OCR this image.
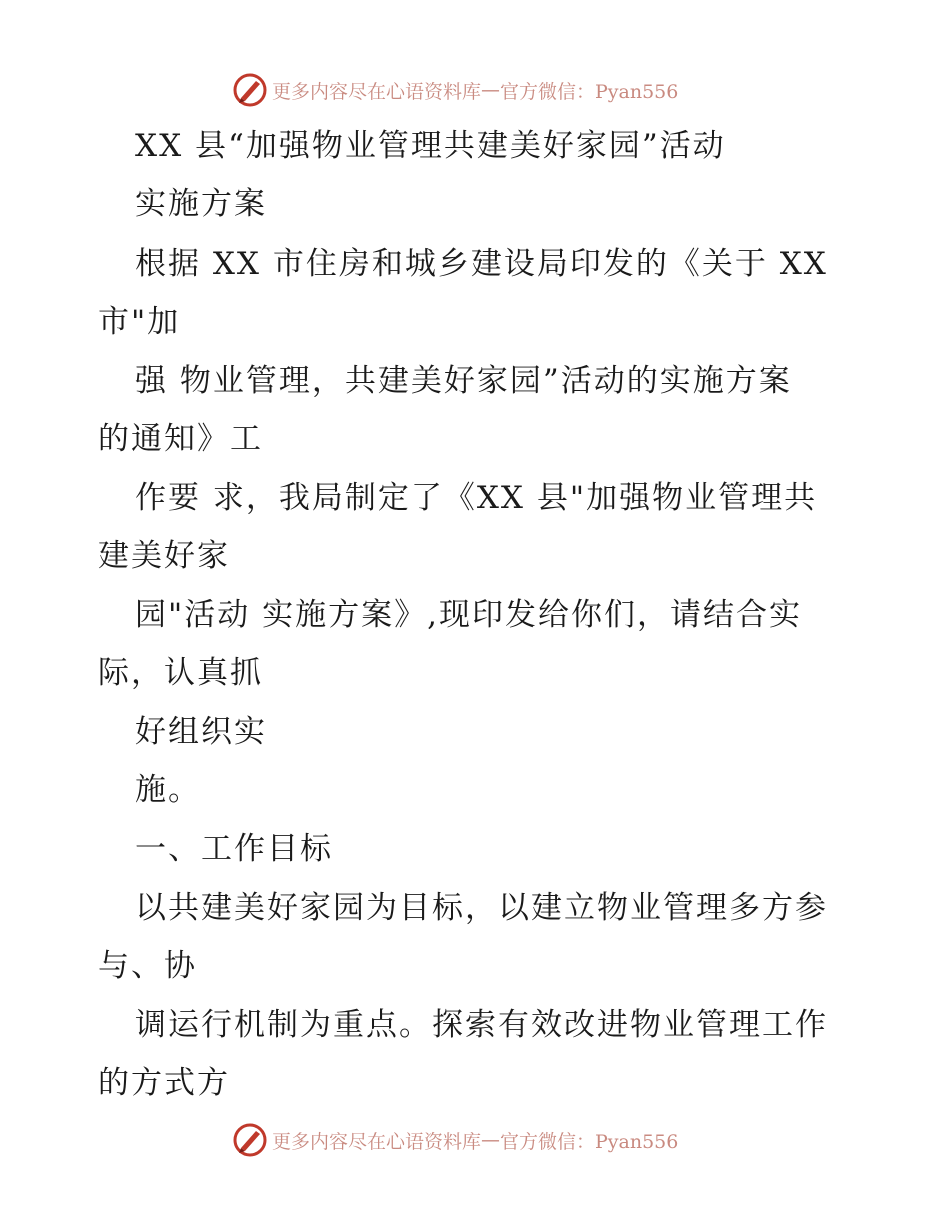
更多内容尽在心语资料库 — 官方微信：Pyan556
XX 县“加强物业管理共建美好家园”活动
实施方案
根据 XX 市住房和城乡建设局印发的《关于 XX
市"加
强 物业管理，共建美好家园”活动的实施方案
的通知》工
作要 求，我局制定了《XX 县"加强物业管理共
建美好家
园"活动 实施方案》,现印发给你们，请结合实
际，认真抓
好组织实
施。
一、工作目标
以共建美好家园为目标，以建立物业管理多方参
与、协
调运行机制为重点。探索有效改进物业管理工作
的方式方
更多内容尽在心语资料库 — 官方微信：Pyan556
